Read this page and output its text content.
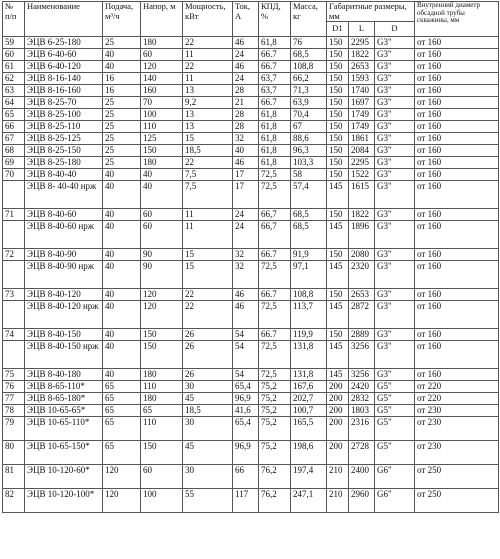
№ п/п	Наименование	Подача, м³/ч	Напор, м	Мощность, кВт	Ток, А	КПД, %	Масса, кг	Габаритные размеры, мм			Внутренний диаметр обсадной трубы скважины, мм
								D1	L	D	
59	ЭЦВ 6-25-180	25	180	22	46	61,8	76	150	2295	G3"	от 160
60	ЭЦВ 6-40-60	40	60	11	24	66.7	68,5	150	1822	G3"	от 160
61	ЭЦВ 6-40-120	40	120	22	46	66.7	108,8	150	2653	G3"	от 160
62	ЭЦВ 8-16-140	16	140	11	24	63,7	66,2	150	1593	G3"	от 160
63	ЭЦВ 8-16-160	16	160	13	28	63,7	71,3	150	1740	G3"	от 160
64	ЭЦВ 8-25-70	25	70	9,2	21	66.7	63,9	150	1697	G3"	от 160
65	ЭЦВ 8-25-100	25	100	13	28	61,8	70,4	150	1749	G3"	от 160
66	ЭЦВ 8-25-110	25	110	13	28	61,8	67	150	1749	G3"	от 160
67	ЭЦВ 8-25-125	25	125	15	32	61,8	88,6	150	1861	G3"	от 160
68	ЭЦВ 8-25-150	25	150	18,5	40	61,8	96,3	150	2084	G3"	от 160
69	ЭЦВ 8-25-180	25	180	22	46	61,8	103,3	150	2295	G3"	от 160
70	ЭЦВ 8-40-40	40	40	7,5	17	72,5	58	150	1522	G3"	от 160
	ЭЦВ 8- 40-40 нрж	40	40	7,5	17	72,5	57,4	145	1615	G3"	от 160
71	ЭЦВ 8-40-60	40	60	11	24	66,7	68,5	150	1822	G3"	от 160
	ЭЦВ 8-40-60 нрж	40	60	11	24	66,7	68,5	145	1896	G3"	от 160
72	ЭЦВ 8-40-90	40	90	15	32	66.7	91,9	150	2080	G3"	от 160
	ЭЦВ 8-40-90 нрж	40	90	15	32	72,5	97,1	145	2320	G3"	от 160
73	ЭЦВ 8-40-120	40	120	22	46	66.7	108,8	150	2653	G3"	от 160
	ЭЦВ 8-40-120 нрж	40	120	22	46	72,5	113,7	145	2872	G3"	от 160
74	ЭЦВ 8-40-150	40	150	26	54	66.7	119,9	150	2889	G3"	от 160
	ЭЦВ 8-40-150 нрж	40	150	26	54	72,5	131,8	145	3256	G3"	от 160
75	ЭЦВ 8-40-180	40	180	26	54	72,5	131,8	145	3256	G3"	от 160
76	ЭЦВ 8-65-110*	65	110	30	65,4	75,2	167,6	200	2420	G5"	от 220
77	ЭЦВ 8-65-180*	65	180	45	96,9	75,2	202,7	200	2832	G5"	от 220
78	ЭЦВ 10-65-65*	65	65	18,5	41,6	75,2	100,7	200	1803	G5"	от 230
79	ЭЦВ 10-65-110*	65	110	30	65,4	75,2	165,5	200	2316	G5"	от 230
80	ЭЦВ 10-65-150*	65	150	45	96,9	75,2	198,6	200	2728	G5"	от 230
81	ЭЦВ 10-120-60*	120	60	30	66	76,2	197,4	210	2400	G6"	от 250
82	ЭЦВ 10-120-100*	120	100	55	117	76,2	247,1	210	2960	G6"	от 250
